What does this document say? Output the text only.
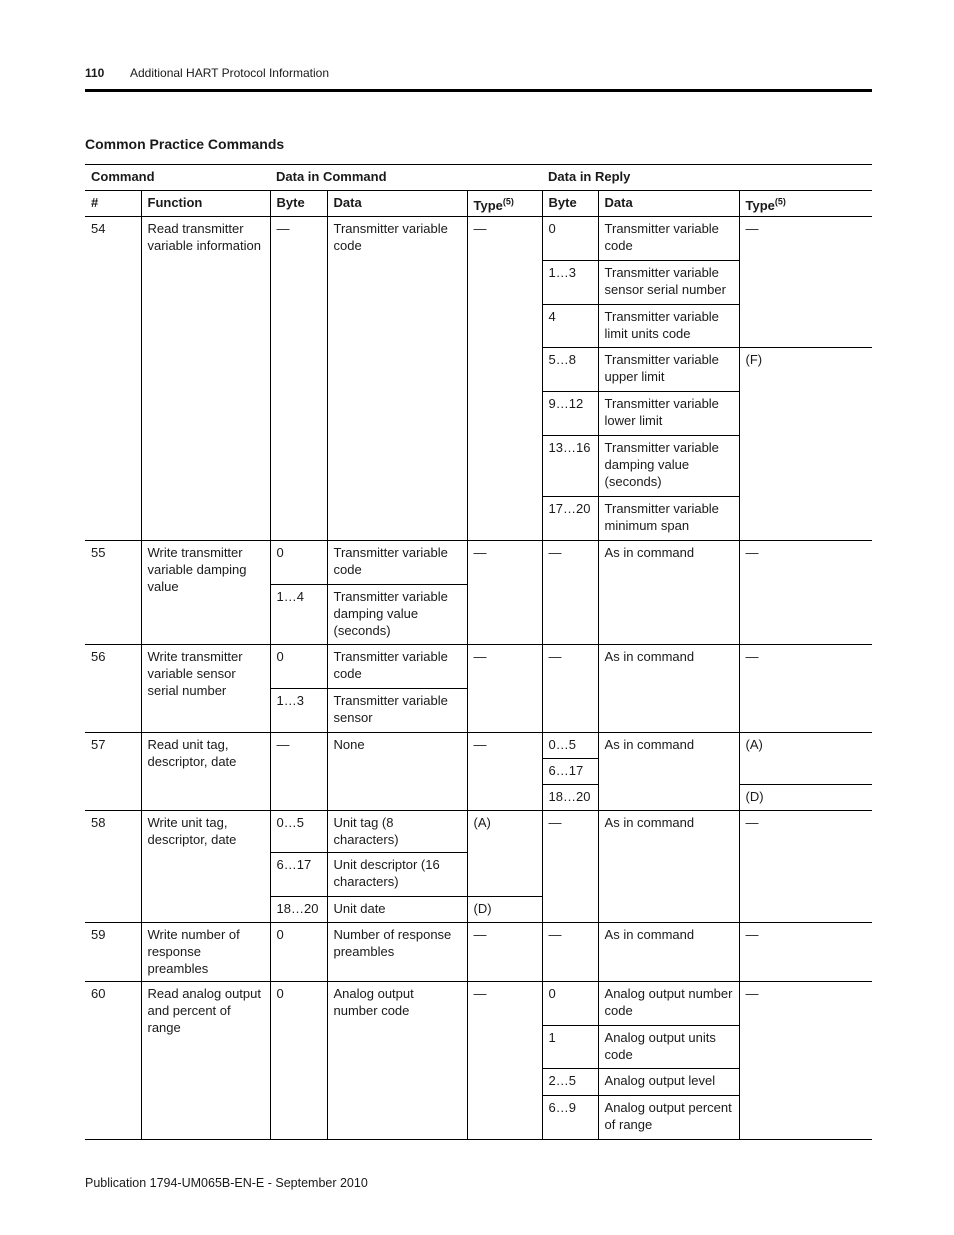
110 Additional HART Protocol Information
Common Practice Commands
Command		Data in Command			Data in Reply		
#	Function	Byte	Data	Type$^{(5)}$	Byte	Data	Type$^{(5)}$
54	Read transmitter variable information	—	Transmitter variable code	—	0	Transmitter variable code	—
					1…3	Transmitter variable sensor serial number	
					4	Transmitter variable limit units code	
					5…8	Transmitter variable upper limit	(F)
					9…12	Transmitter variable lower limit	
					13…16	Transmitter variable damping value (seconds)	
					17…20	Transmitter variable minimum span	
55	Write transmitter variable damping value	0	Transmitter variable code	—	—	As in command	—
		1…4	Transmitter variable damping value (seconds)				
56	Write transmitter variable sensor serial number	0	Transmitter variable code	—	—	As in command	—
		1…3	Transmitter variable sensor				
57	Read unit tag, descriptor, date	—	None	—	0…5	As in command	(A)
					6…17		
					18…20		(D)
58	Write unit tag, descriptor, date	0…5	Unit tag (8 characters)	(A)	—	As in command	—
		6…17	Unit descriptor (16 characters)				
		18…20	Unit date	(D)			
59	Write number of response preambles	0	Number of response preambles	—	—	As in command	—
60	Read analog output and percent of range	0	Analog output number code	—	0	Analog output number code	—
					1	Analog output units code	
					2…5	Analog output level	
					6…9	Analog output percent of range	
Publication 1794-UM065B-EN-E - September 2010
